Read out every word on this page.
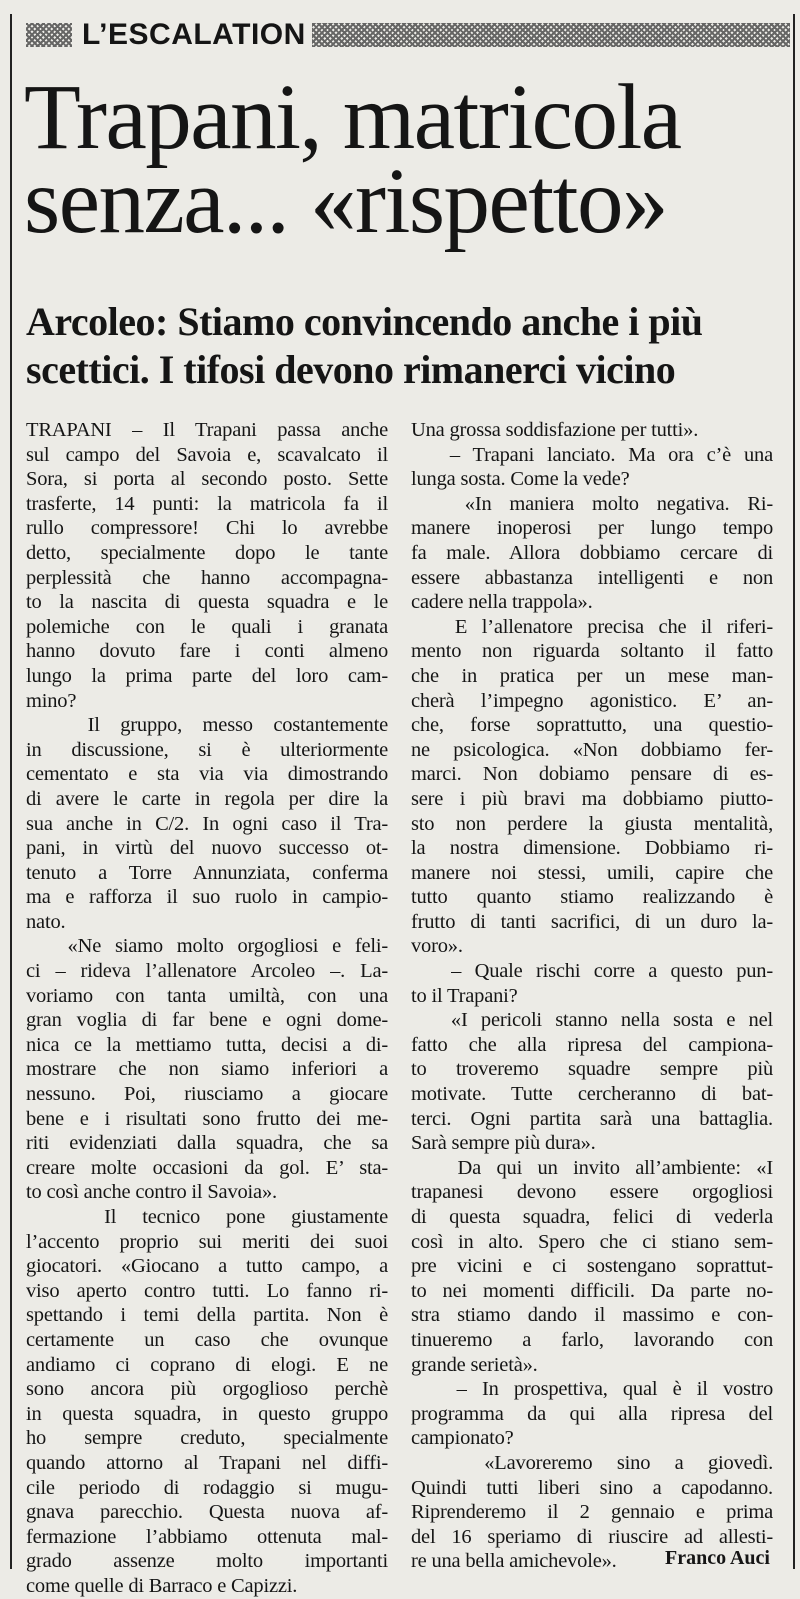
L’ESCALATION
Trapani, matricola
senza... «rispetto»
Arcoleo: Stiamo convincendo anche i più
scettici. I tifosi devono rimanerci vicino
TRAPANI – Il Trapani passa anche
sul campo del Savoia e, scavalcato il
Sora, si porta al secondo posto. Sette
trasferte, 14 punti: la matricola fa il
rullo compressore! Chi lo avrebbe
detto, specialmente dopo le tante
perplessità che hanno accompagna-
to la nascita di questa squadra e le
polemiche con le quali i granata
hanno dovuto fare i conti almeno
lungo la prima parte del loro cam-
mino?
Il gruppo, messo costantemente
in discussione, si è ulteriormente
cementato e sta via via dimostrando
di avere le carte in regola per dire la
sua anche in C/2. In ogni caso il Tra-
pani, in virtù del nuovo successo ot-
tenuto a Torre Annunziata, conferma
ma e rafforza il suo ruolo in campio-
nato.
«Ne siamo molto orgogliosi e feli-
ci – rideva l’allenatore Arcoleo –. La-
voriamo con tanta umiltà, con una
gran voglia di far bene e ogni dome-
nica ce la mettiamo tutta, decisi a di-
mostrare che non siamo inferiori a
nessuno. Poi, riusciamo a giocare
bene e i risultati sono frutto dei me-
riti evidenziati dalla squadra, che sa
creare molte occasioni da gol. E’ sta-
to così anche contro il Savoia».
Il tecnico pone giustamente
l’accento proprio sui meriti dei suoi
giocatori. «Giocano a tutto campo, a
viso aperto contro tutti. Lo fanno ri-
spettando i temi della partita. Non è
certamente un caso che ovunque
andiamo ci coprano di elogi. E ne
sono ancora più orgoglioso perchè
in questa squadra, in questo gruppo
ho sempre creduto, specialmente
quando attorno al Trapani nel diffi-
cile periodo di rodaggio si mugu-
gnava parecchio. Questa nuova af-
fermazione l’abbiamo ottenuta mal-
grado assenze molto importanti
come quelle di Barraco e Capizzi.
Una grossa soddisfazione per tutti».
– Trapani lanciato. Ma ora c’è una
lunga sosta. Come la vede?
«In maniera molto negativa. Ri-
manere inoperosi per lungo tempo
fa male. Allora dobbiamo cercare di
essere abbastanza intelligenti e non
cadere nella trappola».
E l’allenatore precisa che il riferi-
mento non riguarda soltanto il fatto
che in pratica per un mese man-
cherà l’impegno agonistico. E’ an-
che, forse soprattutto, una questio-
ne psicologica. «Non dobbiamo fer-
marci. Non dobiamo pensare di es-
sere i più bravi ma dobbiamo piutto-
sto non perdere la giusta mentalità,
la nostra dimensione. Dobbiamo ri-
manere noi stessi, umili, capire che
tutto quanto stiamo realizzando è
frutto di tanti sacrifici, di un duro la-
voro».
– Quale rischi corre a questo pun-
to il Trapani?
«I pericoli stanno nella sosta e nel
fatto che alla ripresa del campiona-
to troveremo squadre sempre più
motivate. Tutte cercheranno di bat-
terci. Ogni partita sarà una battaglia.
Sarà sempre più dura».
Da qui un invito all’ambiente: «I
trapanesi devono essere orgogliosi
di questa squadra, felici di vederla
così in alto. Spero che ci stiano sem-
pre vicini e ci sostengano soprattut-
to nei momenti difficili. Da parte no-
stra stiamo dando il massimo e con-
tinueremo a farlo, lavorando con
grande serietà».
– In prospettiva, qual è il vostro
programma da qui alla ripresa del
campionato?
«Lavoreremo sino a giovedì.
Quindi tutti liberi sino a capodanno.
Riprenderemo il 2 gennaio e prima
del 16 speriamo di riuscire ad allesti-
re una bella amichevole».	Franco Auci
